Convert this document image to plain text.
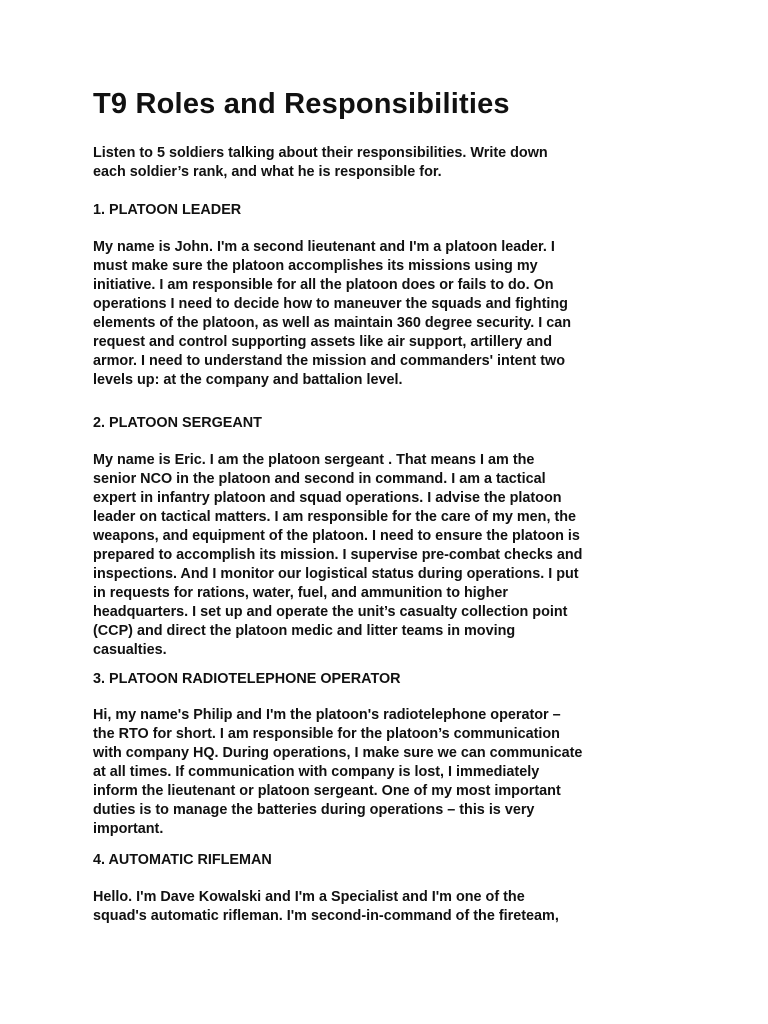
T9 Roles and Responsibilities

Listen to 5 soldiers talking about their responsibilities. Write down
each soldier’s rank, and what he is responsible for.

1. PLATOON LEADER

My name is John. I'm a second lieutenant and I'm a platoon leader. I
must make sure the platoon accomplishes its missions using my
initiative. I am responsible for all the platoon does or fails to do. On
operations I need to decide how to maneuver the squads and fighting
elements of the platoon, as well as maintain 360 degree security. I can
request and control supporting assets like air support, artillery and
armor. I need to understand the mission and commanders' intent two
levels up: at the company and battalion level.

2. PLATOON SERGEANT

My name is Eric. I am the platoon sergeant . That means I am the
senior NCO in the platoon and second in command. I am a tactical
expert in infantry platoon and squad operations. I advise the platoon
leader on tactical matters. I am responsible for the care of my men, the
weapons, and equipment of the platoon. I need to ensure the platoon is
prepared to accomplish its mission. I supervise pre-combat checks and
inspections. And I monitor our logistical status during operations. I put
in requests for rations, water, fuel, and ammunition to higher
headquarters. I set up and operate the unit’s casualty collection point
(CCP) and direct the platoon medic and litter teams in moving
casualties.

3. PLATOON RADIOTELEPHONE OPERATOR

Hi, my name's Philip and I'm the platoon's radiotelephone operator –
the RTO for short. I am responsible for the platoon’s communication
with company HQ. During operations, I make sure we can communicate
at all times. If communication with company is lost, I immediately
inform the lieutenant or platoon sergeant. One of my most important
duties is to manage the batteries during operations – this is very
important.

4. AUTOMATIC RIFLEMAN

Hello. I'm Dave Kowalski and I'm a Specialist and I'm one of the
squad's automatic rifleman. I'm second-in-command of the fireteam,
